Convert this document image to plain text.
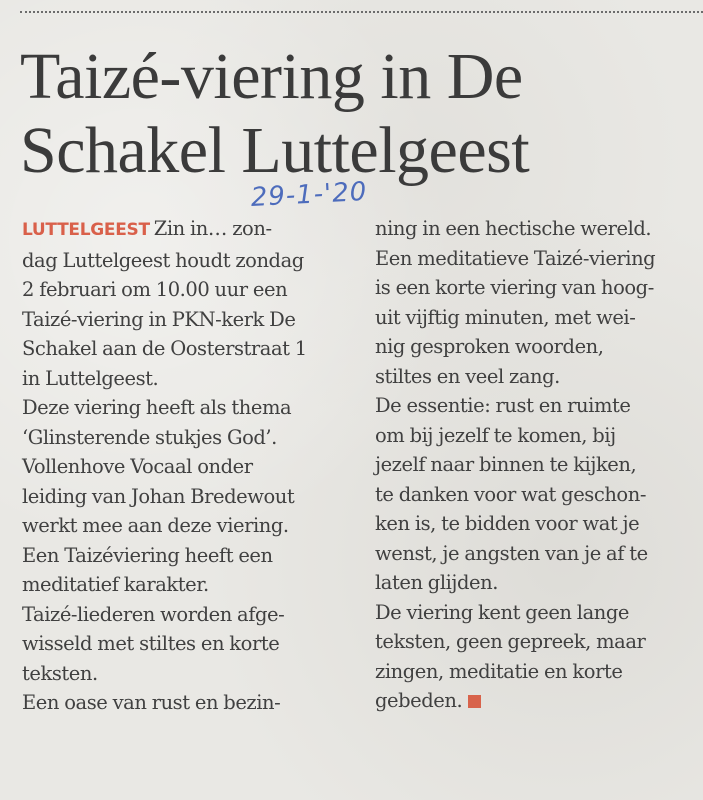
Taizé-viering in De
Schakel Luttelgeest
29-1-'20
LUTTELGEEST Zin in… zon-
dag Luttelgeest houdt zondag
2 februari om 10.00 uur een
Taizé-viering in PKN-kerk De
Schakel aan de Oosterstraat 1
in Luttelgeest.
Deze viering heeft als thema
‘Glinsterende stukjes God’.
Vollenhove Vocaal onder
leiding van Johan Bredewout
werkt mee aan deze viering.
Een Taizéviering heeft een
meditatief karakter.
Taizé-liederen worden afge-
wisseld met stiltes en korte
teksten.
Een oase van rust en bezin-
ning in een hectische wereld.
Een meditatieve Taizé-viering
is een korte viering van hoog-
uit vijftig minuten, met wei-
nig gesproken woorden,
stiltes en veel zang.
De essentie: rust en ruimte
om bij jezelf te komen, bij
jezelf naar binnen te kijken,
te danken voor wat geschon-
ken is, te bidden voor wat je
wenst, je angsten van je af te
laten glijden.
De viering kent geen lange
teksten, geen gepreek, maar
zingen, meditatie en korte
gebeden.
